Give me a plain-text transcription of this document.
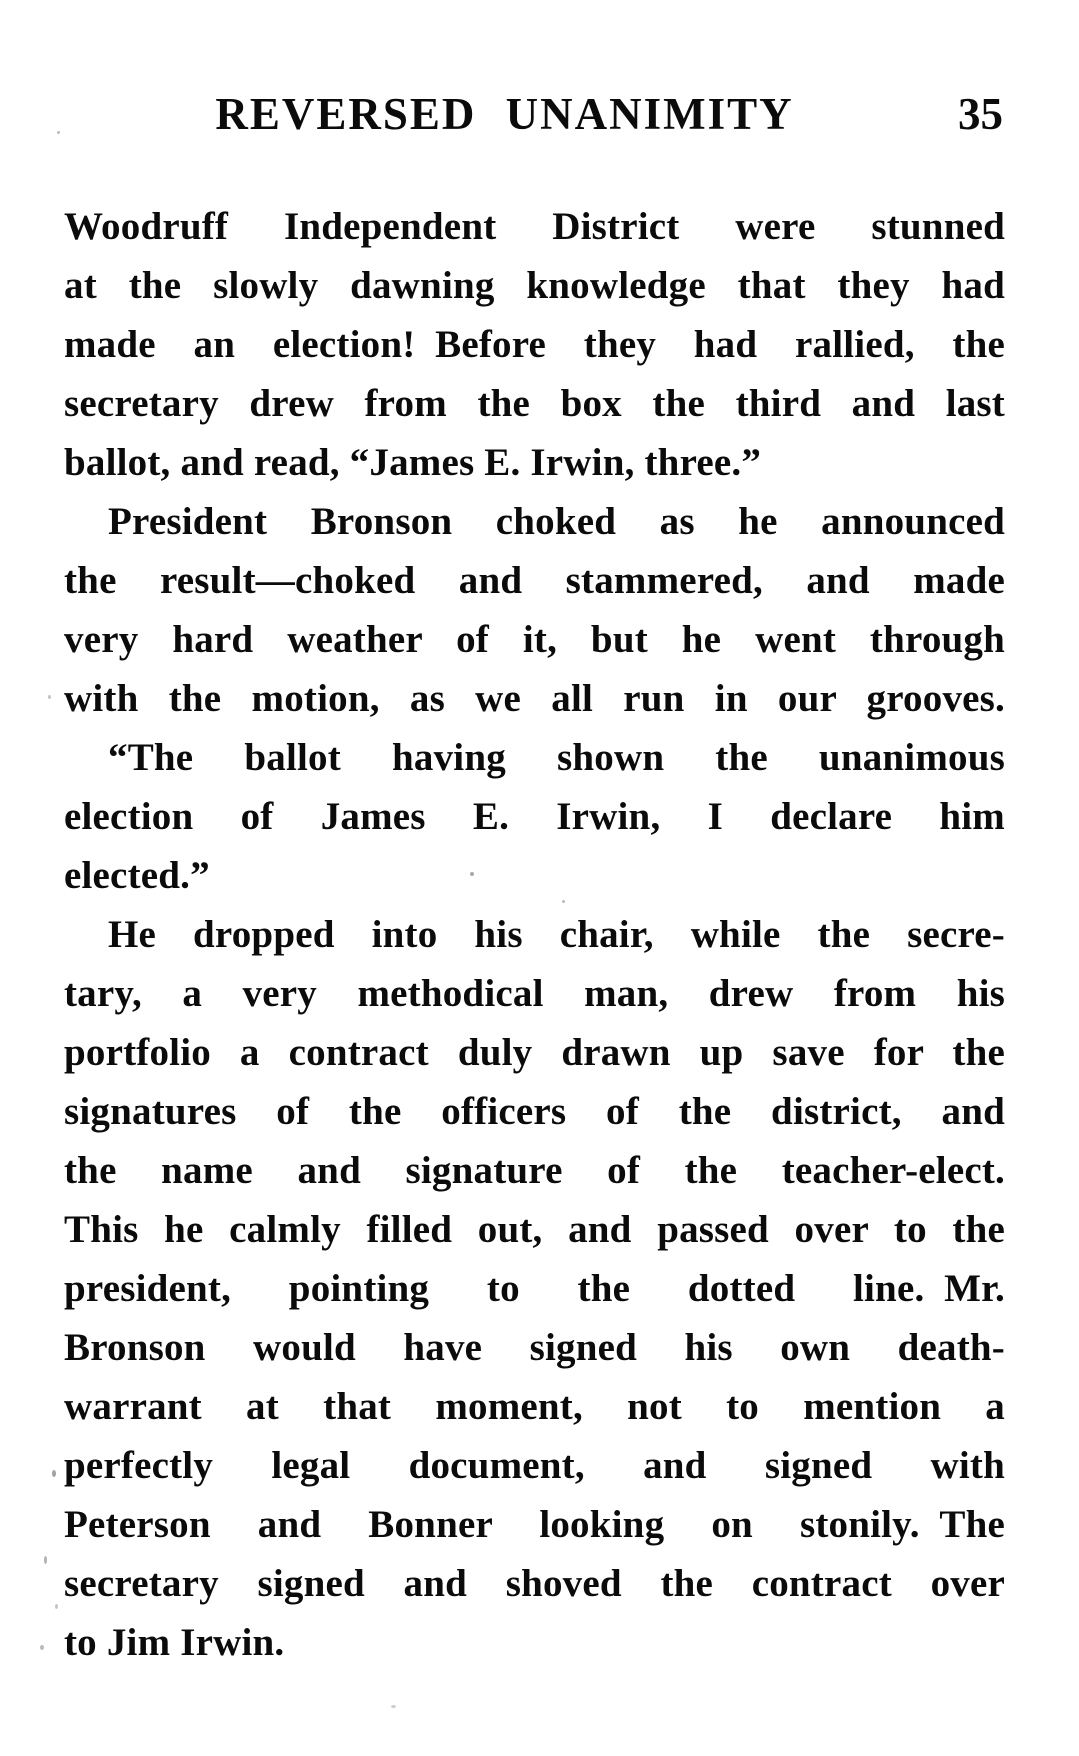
REVERSED UNANIMITY	35
Woodruff Independent District were stunned
at the slowly dawning knowledge that they had
made an election! Before they had rallied, the
secretary drew from the box the third and last
ballot, and read, “James E. Irwin, three.”
President Bronson choked as he announced
the result—choked and stammered, and made
very hard weather of it, but he went through
with the motion, as we all run in our grooves.
“The ballot having shown the unanimous
election of James E. Irwin, I declare him
elected.”
He dropped into his chair, while the secre-
tary, a very methodical man, drew from his
portfolio a contract duly drawn up save for the
signatures of the officers of the district, and
the name and signature of the teacher-elect.
This he calmly filled out, and passed over to the
president, pointing to the dotted line. Mr.
Bronson would have signed his own death-
warrant at that moment, not to mention a
perfectly legal document, and signed with
Peterson and Bonner looking on stonily. The
secretary signed and shoved the contract over
to Jim Irwin.
